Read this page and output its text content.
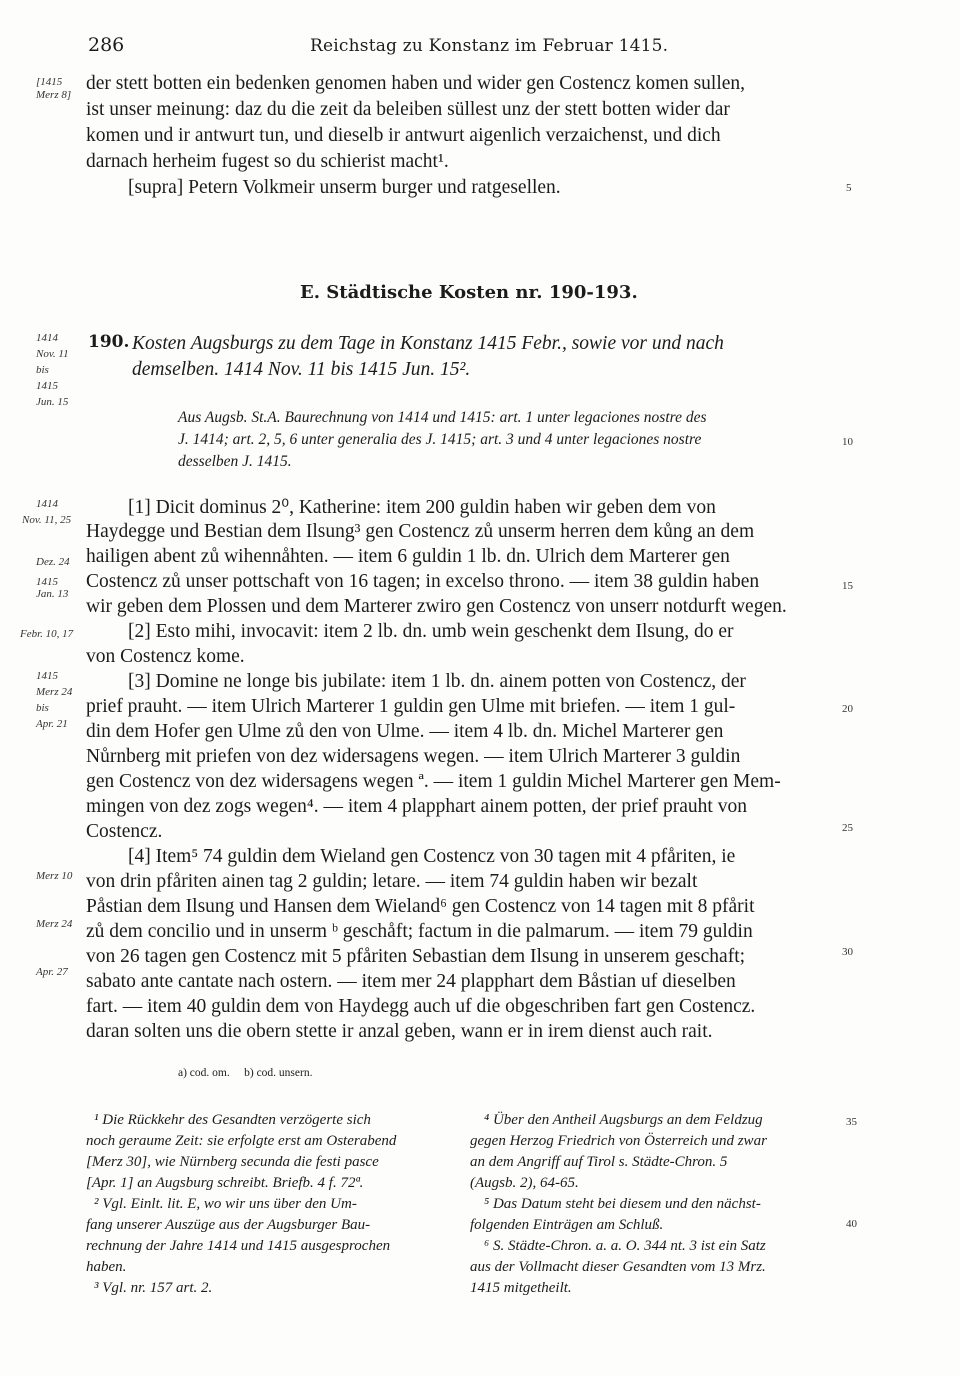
286	Reichstag zu Konstanz im Februar 1415.
[1415
Merz 8]
der stett botten ein bedenken genomen haben und wider gen Costencz komen sullen,
ist unser meinung: daz du die zeit da beleiben süllest unz der stett botten wider dar
komen und ir antwurt tun, und dieselb ir antwurt aigenlich verzaichenst, und dich
darnach herheim fugest so du schierist macht¹.
[supra] Petern Volkmeir unserm burger und ratgesellen.	5
E. Städtische Kosten nr. 190-193.
1414
Nov. 11
bis
1415
Jun. 15
190. Kosten Augsburgs zu dem Tage in Konstanz 1415 Febr., sowie vor und nach
demselben. 1414 Nov. 11 bis 1415 Jun. 15².
Aus Augsb. St.A. Baurechnung von 1414 und 1415: art. 1 unter legaciones nostre des
J. 1414; art. 2, 5, 6 unter generalia des J. 1415; art. 3 und 4 unter legaciones nostre
desselben J. 1415.
10
1414
Nov. 11, 25
Dez. 24
1415
Jan. 13
Febr. 10, 17
1415
Merz 24
bis
Apr. 21
Merz 10
Merz 24
Apr. 27
[1] Dicit dominus 2⁰, Katherine: item 200 guldin haben wir geben dem von
Haydegge und Bestian dem Ilsung³ gen Costencz zů unserm herren dem kůng an dem
hailigen abent zů wihennåhten. — item 6 guldin 1 lb. dn. Ulrich dem Marterer gen
Costencz zů unser pottschaft von 16 tagen; in excelso throno. — item 38 guldin haben
wir geben dem Plossen und dem Marterer zwiro gen Costencz von unserr notdurft wegen.
[2] Esto mihi, invocavit: item 2 lb. dn. umb wein geschenkt dem Ilsung, do er
von Costencz kome.
[3] Domine ne longe bis jubilate: item 1 lb. dn. ainem potten von Costencz, der
prief prauht. — item Ulrich Marterer 1 guldin gen Ulme mit briefen. — item 1 gul-
din dem Hofer gen Ulme zů den von Ulme. — item 4 lb. dn. Michel Marterer gen
Nůrnberg mit priefen von dez widersagens wegen. — item Ulrich Marterer 3 guldin
gen Costencz von dez widersagens wegen ª. — item 1 guldin Michel Marterer gen Mem-
mingen von dez zogs wegen⁴. — item 4 plapphart ainem potten, der prief prauht von
Costencz.
[4] Item⁵ 74 guldin dem Wieland gen Costencz von 30 tagen mit 4 pfåriten, ie
von drin pfåriten ainen tag 2 guldin; letare. — item 74 guldin haben wir bezalt
Påstian dem Ilsung und Hansen dem Wieland⁶ gen Costencz von 14 tagen mit 8 pfårit
zů dem concilio und in unserm ᵇ geschåft; factum in die palmarum. — item 79 guldin
von 26 tagen gen Costencz mit 5 pfåriten Sebastian dem Ilsung in unserem geschaft;
sabato ante cantate nach ostern. — item mer 24 plapphart dem Båstian uf dieselben
fart. — item 40 guldin dem von Haydegg auch uf die obgeschriben fart gen Costencz.
daran solten uns die obern stette ir anzal geben, wann er in irem dienst auch rait.
15
20
25
30
a) cod. om.     b) cod. unsern.
¹ Die Rückkehr des Gesandten verzögerte sich
noch geraume Zeit: sie erfolgte erst am Osterabend
[Merz 30], wie Nürnberg secunda die festi pasce
[Apr. 1] an Augsburg schreibt. Briefb. 4 f. 72ª.
² Vgl. Einlt. lit. E, wo wir uns über den Um-
fang unserer Auszüge aus der Augsburger Bau-
rechnung der Jahre 1414 und 1415 ausgesprochen
haben.
³ Vgl. nr. 157 art. 2.
⁴ Über den Antheil Augsburgs an dem Feldzug
gegen Herzog Friedrich von Österreich und zwar
an dem Angriff auf Tirol s. Städte-Chron. 5
(Augsb. 2), 64-65.
⁵ Das Datum steht bei diesem und den nächst-
folgenden Einträgen am Schluß.
⁶ S. Städte-Chron. a. a. O. 344 nt. 3 ist ein Satz
aus der Vollmacht dieser Gesandten vom 13 Mrz.
1415 mitgetheilt.
35
40
